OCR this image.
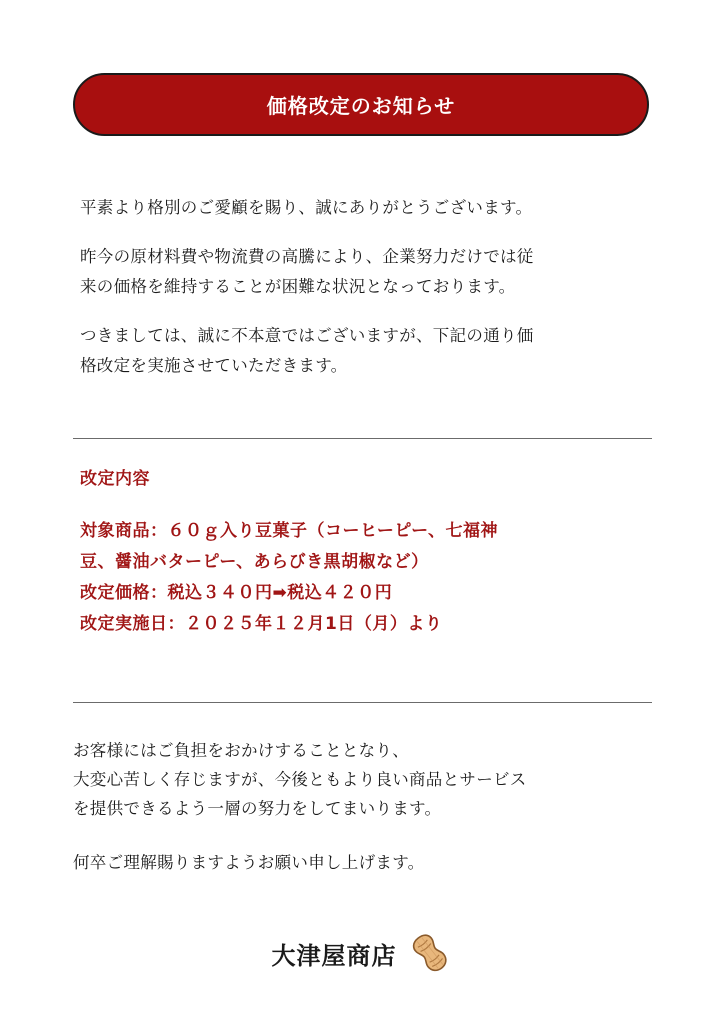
価格改定のお知らせ

平素より格別のご愛顧を賜り、誠にありがとうございます。

昨今の原材料費や物流費の高騰により、企業努力だけでは従
来の価格を維持することが困難な状況となっております。

つきましては、誠に不本意ではございますが、下記の通り価
格改定を実施させていただきます。

改定内容
対象商品：６０ｇ入り豆菓子（コーヒーピー、七福神
豆、醤油バターピー、あらびき黒胡椒など）
改定価格：税込３４０円➡税込４２０円
改定実施日：２０２５年１２月1日（月）より

お客様にはご負担をおかけすることとなり、
大変心苦しく存じますが、今後ともより良い商品とサービス
を提供できるよう一層の努力をしてまいります。

何卒ご理解賜りますようお願い申し上げます。

大津屋商店
